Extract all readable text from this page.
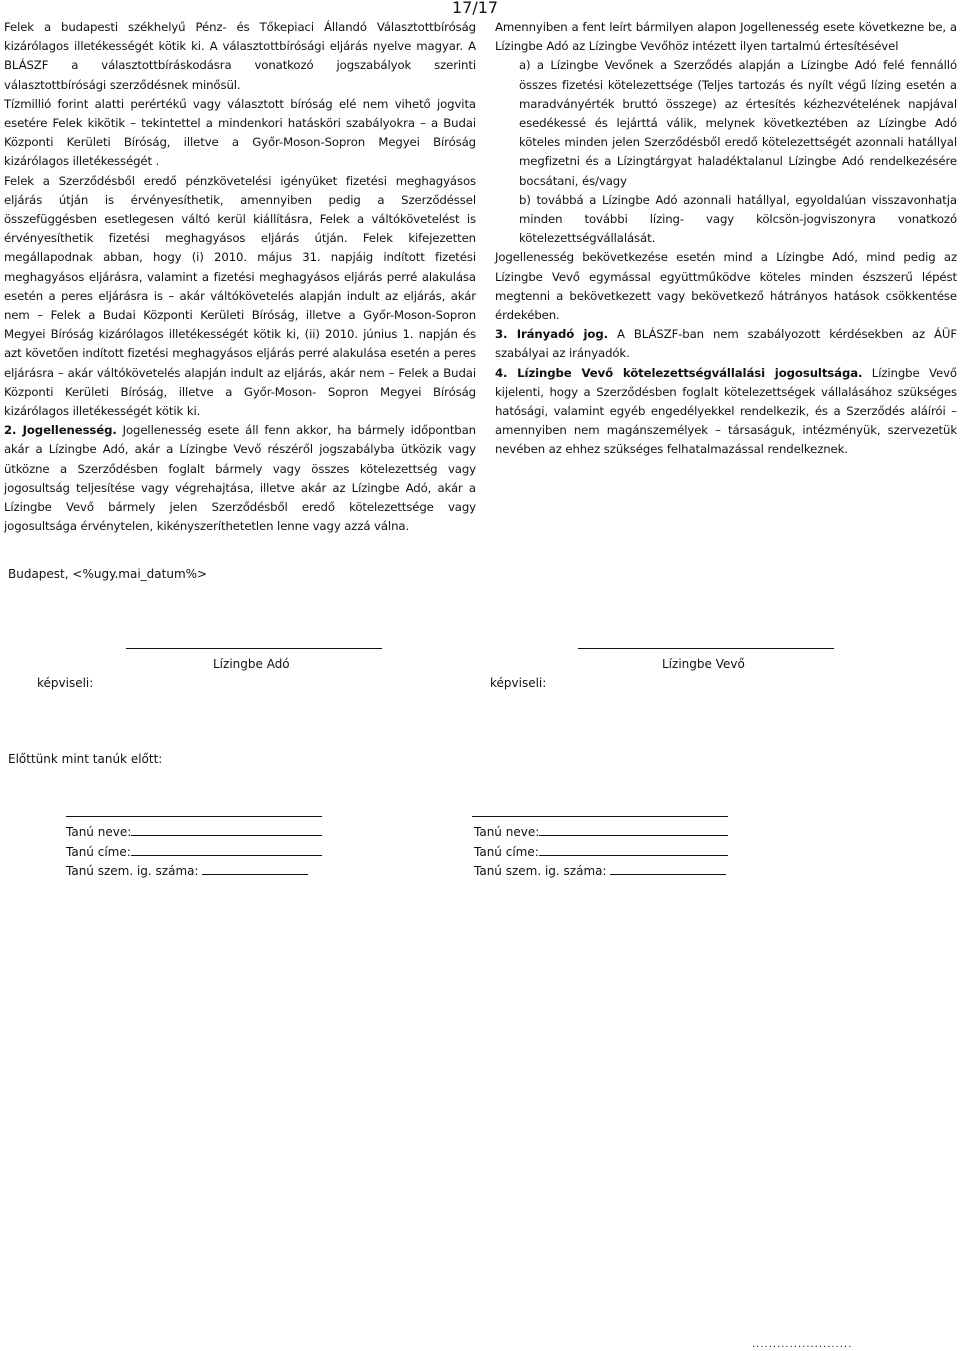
17/17

Felek a budapesti székhelyű Pénz- és Tőkepiaci Állandó Választottbíróság kizárólagos illetékességét kötik ki. A választottbírósági eljárás nyelve magyar. A BLÁSZF a választottbíráskodásra vonatkozó jogszabályok szerinti választottbírósági szerződésnek minősül.

Tízmillió forint alatti perértékű vagy választott bíróság elé nem vihető jogvita esetére Felek kikötik – tekintettel a mindenkori hatásköri szabályokra – a Budai Központi Kerületi Bíróság, illetve a Győr-Moson-Sopron Megyei Bíróság kizárólagos illetékességét .

Felek a Szerződésből eredő pénzkövetelési igényüket fizetési meghagyásos eljárás útján is érvényesíthetik, amennyiben pedig a Szerződéssel összefüggésben esetlegesen váltó kerül kiállításra, Felek a váltókövetelést is érvényesíthetik fizetési meghagyásos eljárás útján. Felek kifejezetten megállapodnak abban, hogy (i) 2010. május 31. napjáig indított fizetési meghagyásos eljárásra, valamint a fizetési meghagyásos eljárás perré alakulása esetén a peres eljárásra is – akár váltókövetelés alapján indult az eljárás, akár nem – Felek a Budai Központi Kerületi Bíróság, illetve a Győr-Moson-Sopron Megyei Bíróság kizárólagos illetékességét kötik ki, (ii) 2010. június 1. napján és azt követően indított fizetési meghagyásos eljárás perré alakulása esetén a peres eljárásra – akár váltókövetelés alapján indult az eljárás, akár nem – Felek a Budai Központi Kerületi Bíróság, illetve a Győr-Moson- Sopron Megyei Bíróság kizárólagos illetékességét kötik ki.

2. Jogellenesség. Jogellenesség esete áll fenn akkor, ha bármely időpontban akár a Lízingbe Adó, akár a Lízingbe Vevő részéről jogszabályba ütközik vagy ütközne a Szerződésben foglalt bármely vagy összes kötelezettség vagy jogosultság teljesítése vagy végrehajtása, illetve akár az Lízingbe Adó, akár a Lízingbe Vevő bármely jelen Szerződésből eredő kötelezettsége vagy jogosultsága érvénytelen, kikényszeríthetetlen lenne vagy azzá válna.

Amennyiben a fent leírt bármilyen alapon Jogellenesség esete következne be, a Lízingbe Adó az Lízingbe Vevőhöz intézett ilyen tartalmú értesítésével

a) a Lízingbe Vevőnek a Szerződés alapján a Lízingbe Adó felé fennálló összes fizetési kötelezettsége (Teljes tartozás és nyílt végű lízing esetén a maradványérték bruttó összege) az értesítés kézhezvételének napjával esedékessé és lejárttá válik, melynek következtében az Lízingbe Adó köteles minden jelen Szerződésből eredő kötelezettségét azonnali hatállyal megfizetni és a Lízingtárgyat haladéktalanul Lízingbe Adó rendelkezésére bocsátani, és/vagy

b) továbbá a Lízingbe Adó azonnali hatállyal, egyoldalúan visszavonhatja minden további lízing- vagy kölcsön-jogviszonyra vonatkozó kötelezettségvállalását.

Jogellenesség bekövetkezése esetén mind a Lízingbe Adó, mind pedig az Lízingbe Vevő egymással együttműködve köteles minden észszerű lépést megtenni a bekövetkezett vagy bekövetkező hátrányos hatások csökkentése érdekében.

3. Irányadó jog. A BLÁSZF-ban nem szabályozott kérdésekben az ÁÜF szabályai az irányadók.

4. Lízingbe Vevő kötelezettségvállalási jogosultsága. Lízingbe Vevő kijelenti, hogy a Szerződésben foglalt kötelezettségek vállalásához szükséges hatósági, valamint egyéb engedélyekkel rendelkezik, és a Szerződés aláírói – amennyiben nem magánszemélyek – társaságuk, intézményük, szervezetük nevében az ehhez szükséges felhatalmazással rendelkeznek.

Budapest, <%ugy.mai_datum%>
Lízingbe Adó	Lízingbe Vevő
képviseli:	képviseli:
Előttünk mint tanúk előtt:
Tanú neve:
Tanú címe:
Tanú szem. ig. száma:
Tanú neve:
Tanú címe:
Tanú szem. ig. száma:
........................
